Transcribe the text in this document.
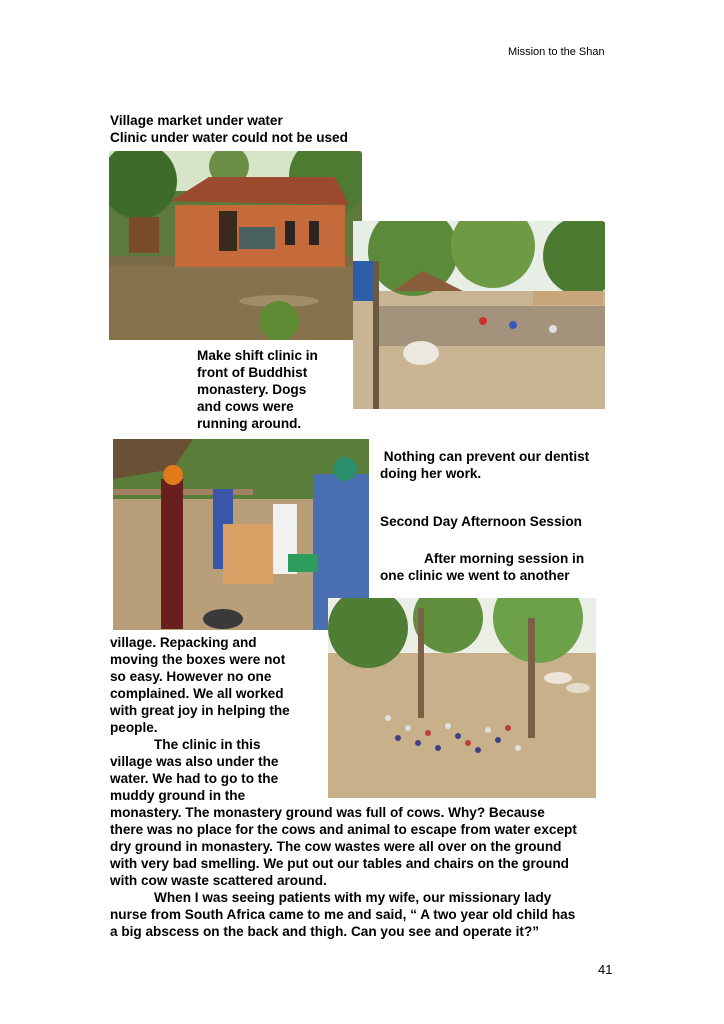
Mission to the Shan
Village market under water
Clinic under water could not be used
Make shift clinic in
front of Buddhist
monastery. Dogs
and cows were
running around.
Nothing can prevent our dentist
doing her work.
Second Day Afternoon Session
After morning session in
one clinic we went to another
village. Repacking and
moving the boxes were not
so easy. However no one
complained. We all worked
with great joy in helping the
people.
The clinic in this
village was also under the
water. We had to go to the
muddy ground in the
monastery. The monastery ground was full of cows. Why? Because
there was no place for the cows and animal to escape from water except
dry ground in monastery. The cow wastes were all over on the ground
with very bad smelling. We put out our tables and chairs on the ground
with cow waste scattered around.
When I was seeing patients with my wife, our missionary lady
nurse from South Africa came to me and said, “ A two year old child has
a big abscess on the back and thigh. Can you see and operate it?”
41
